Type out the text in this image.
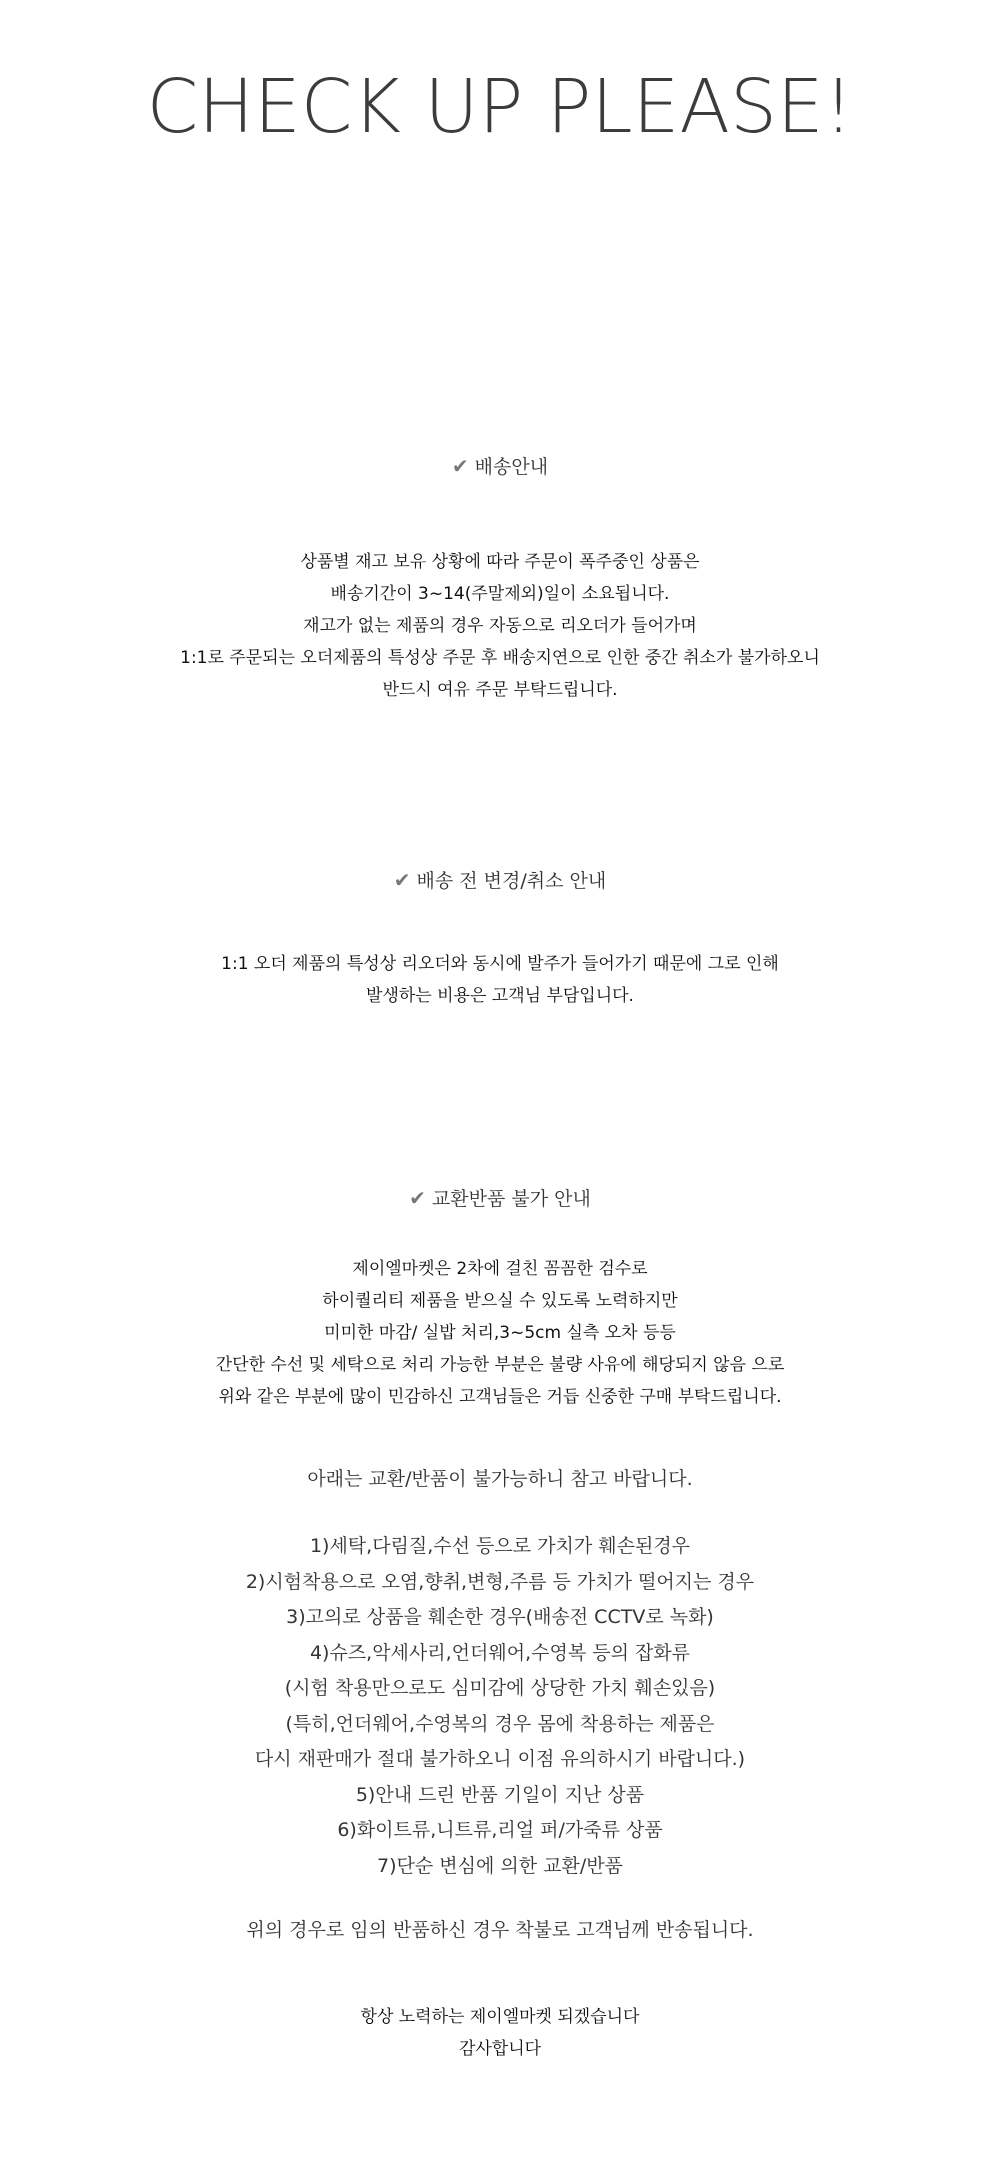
CHECK UP PLEASE!
✔ 배송안내
상품별 재고 보유 상황에 따라 주문이 폭주중인 상품은
배송기간이 3~14(주말제외)일이 소요됩니다.
재고가 없는 제품의 경우 자동으로 리오더가 들어가며
1:1로 주문되는 오더제품의 특성상 주문 후 배송지연으로 인한 중간 취소가 불가하오니
반드시 여유 주문 부탁드립니다.
✔ 배송 전 변경/취소 안내
1:1 오더 제품의 특성상 리오더와 동시에 발주가 들어가기 때문에 그로 인해
발생하는 비용은 고객님 부담입니다.
✔ 교환반품 불가 안내
제이엘마켓은 2차에 걸친 꼼꼼한 검수로
하이퀄리티 제품을 받으실 수 있도록 노력하지만
미미한 마감/ 실밥 처리,3~5cm 실측 오차 등등
간단한 수선 및 세탁으로 처리 가능한 부분은 불량 사유에 해당되지 않음 으로
위와 같은 부분에 많이 민감하신 고객님들은 거듭 신중한 구매 부탁드립니다.
아래는 교환/반품이 불가능하니 참고 바랍니다.
1)세탁,다림질,수선 등으로 가치가 훼손된경우
2)시험착용으로 오염,향취,변형,주름 등 가치가 떨어지는 경우
3)고의로 상품을 훼손한 경우(배송전 CCTV로 녹화)
4)슈즈,악세사리,언더웨어,수영복 등의 잡화류
(시험 착용만으로도 심미감에 상당한 가치 훼손있음)
(특히,언더웨어,수영복의 경우 몸에 착용하는 제품은
다시 재판매가 절대 불가하오니 이점 유의하시기 바랍니다.)
5)안내 드린 반품 기일이 지난 상품
6)화이트류,니트류,리얼 퍼/가죽류 상품
7)단순 변심에 의한 교환/반품
위의 경우로 임의 반품하신 경우 착불로 고객님께 반송됩니다.
항상 노력하는 제이엘마켓 되겠습니다
감사합니다
